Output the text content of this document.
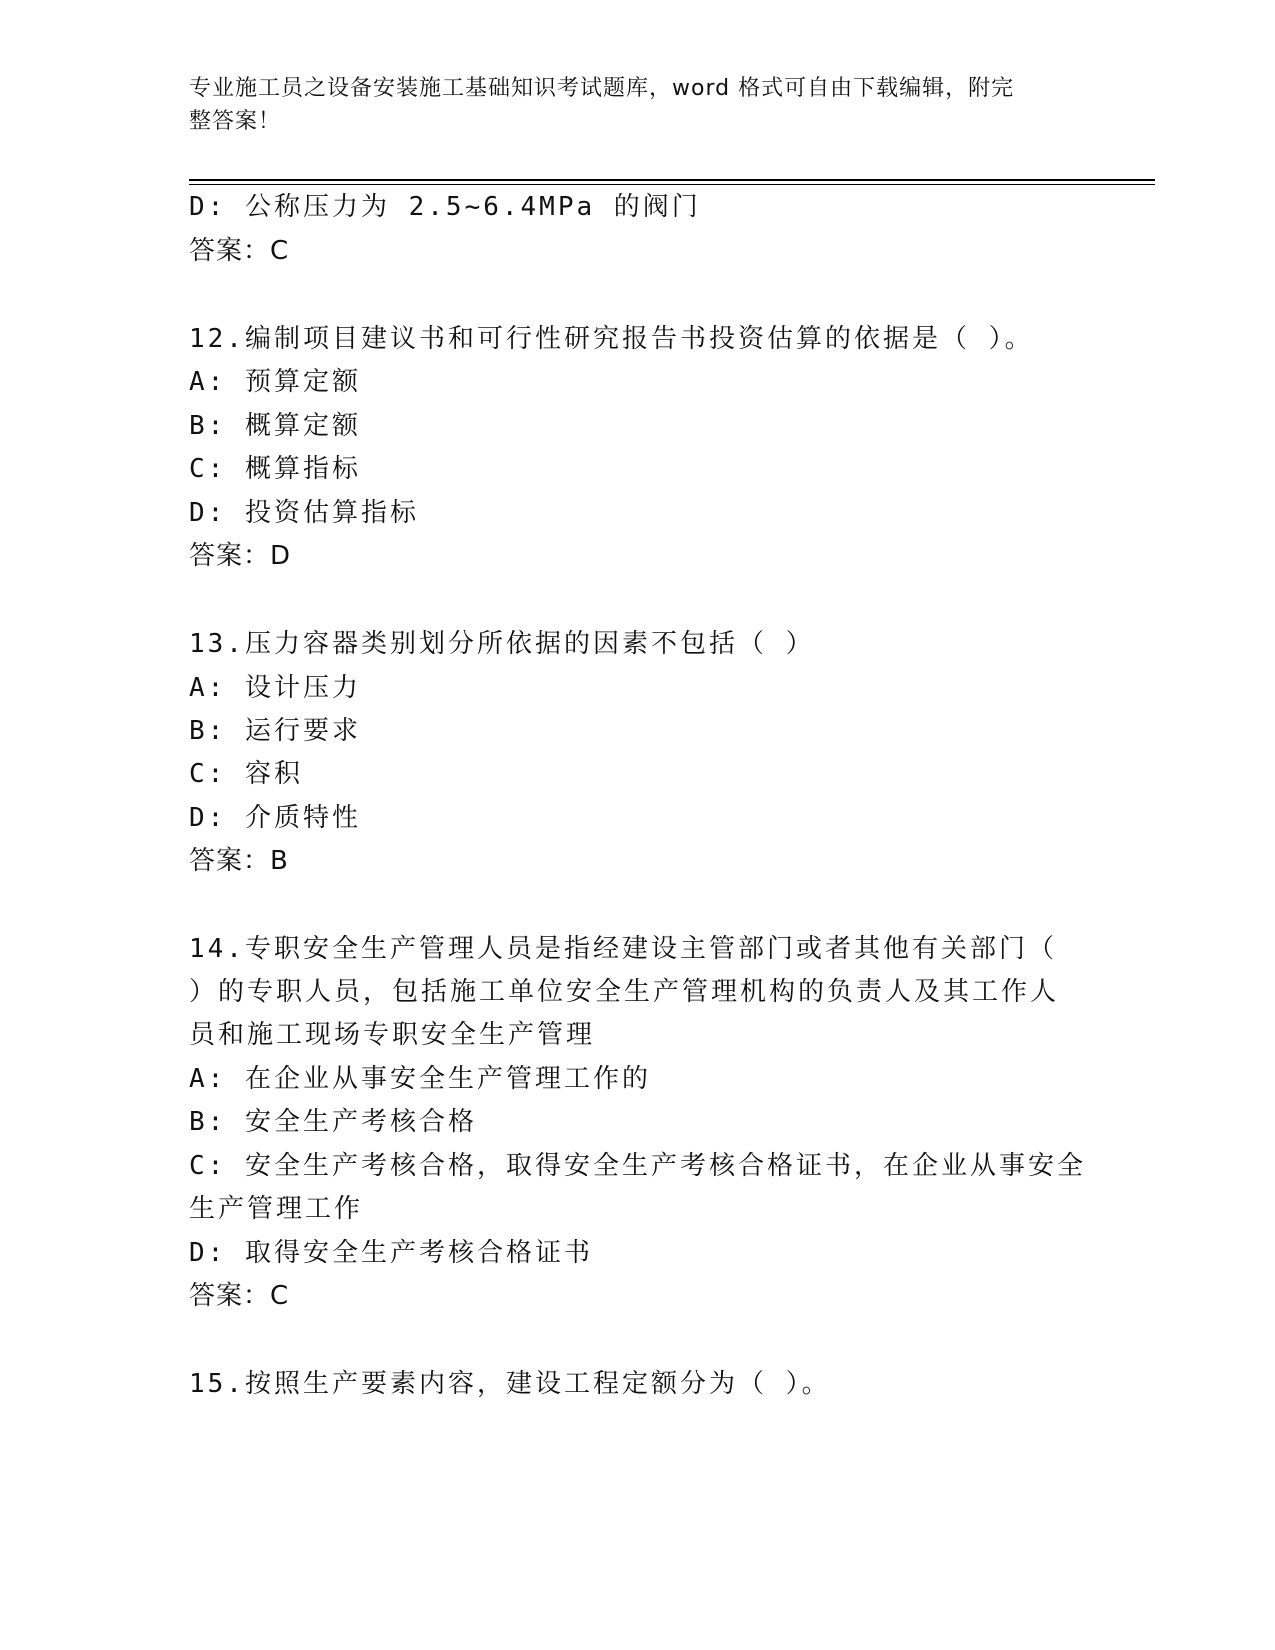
专业施工员之设备安装施工基础知识考试题库，word 格式可自由下载编辑，附完
整答案！
D: 公称压力为 2.5~6.4MPa 的阀门
答案：C
12.编制项目建议书和可行性研究报告书投资估算的依据是（ ）。
A: 预算定额
B: 概算定额
C: 概算指标
D: 投资估算指标
答案：D
13.压力容器类别划分所依据的因素不包括（ ）
A: 设计压力
B: 运行要求
C: 容积
D: 介质特性
答案：B
14.专职安全生产管理人员是指经建设主管部门或者其他有关部门（
）的专职人员，包括施工单位安全生产管理机构的负责人及其工作人
员和施工现场专职安全生产管理
A: 在企业从事安全生产管理工作的
B: 安全生产考核合格
C: 安全生产考核合格，取得安全生产考核合格证书，在企业从事安全
生产管理工作
D: 取得安全生产考核合格证书
答案：C
15.按照生产要素内容，建设工程定额分为（ ）。
